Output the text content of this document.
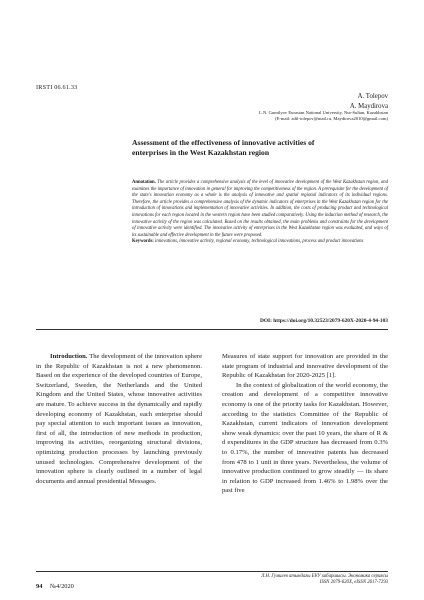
IRSTI 06.61.33
A. Tolepov
A. Maydirova
L.N. Gumilyov Eurasian National University, Nur-Sultan, Kazakhstan
(E-mail: adil-tolepov@mail.ru, Maydirova2010@gmail.com)
Assessment of the effectiveness of innovative activities of enterprises in the West Kazakhstan region

Annotation. The article provides a comprehensive analysis of the level of innovative development of the West Kazakhstan region, and examines the importance of innovation in general for improving the competitiveness of the region. A prerequisite for the development of the state's innovation economy as a whole is the analysis of innovative and spatial regional indicators of its individual regions. Therefore, the article provides a comprehensive analysis of the dynamic indicators of enterprises in the West Kazakhstan region for the introduction of innovations and implementation of innovative activities. In addition, the costs of producing product and technological innovations for each region located in the western region have been studied comparatively. Using the induction method of research, the innovative activity of the region was calculated. Based on the results obtained, the main problems and constraints for the development of innovative activity were identified. The innovative activity of enterprises in the West Kazakhstan region was evaluated, and ways of its sustainable and effective development in the future were proposed.

Keywords: innovations, innovative activity, regional economy, technological innovations, process and product innovations

DOI: https://doi.org/10.32523/2079-620X-2020-4-94-103

Introduction. The development of the innovation sphere in the Republic of Kazakhstan is not a new phenomenon. Based on the experience of the developed countries of Europe, Switzerland, Sweden, the Netherlands and the United Kingdom and the United States, whose innovative activities are mature. To achieve success in the dynamically and rapidly developing economy of Kazakhstan, each enterprise should pay special attention to such important issues as innovation, first of all, the introduction of new methods in production, improving its activities, reorganizing structural divisions, optimizing production processes by launching previously unused technologies. Comprehensive development of the innovation sphere is clearly outlined in a number of legal documents and annual presidential Messages.

Measures of state support for innovation are provided in the state program of industrial and innovative development of the Republic of Kazakhstan for 2020-2025 [1].

In the context of globalization of the world economy, the creation and development of a competitive innovative economy is one of the priority tasks for Kazakhstan. However, according to the statistics Committee of the Republic of Kazakhstan, current indicators of innovation development show weak dynamics: over the past 10 years, the share of R & d expenditures in the GDP structure has decreased from 0.3% to 0.17%, the number of innovative patents has decreased from 478 to 1 unit in three years. Nevertheless, the volume of innovative production continued to grow steadily — its share in relation to GDP increased from 1.46% to 1.98% over the past five

94 №4/2020
Л.Н. Гумилев атындағы ЕҰУ хабаршысы. Экономика сериясы
ISSN 2079-620X, eISSN 2617-7293
